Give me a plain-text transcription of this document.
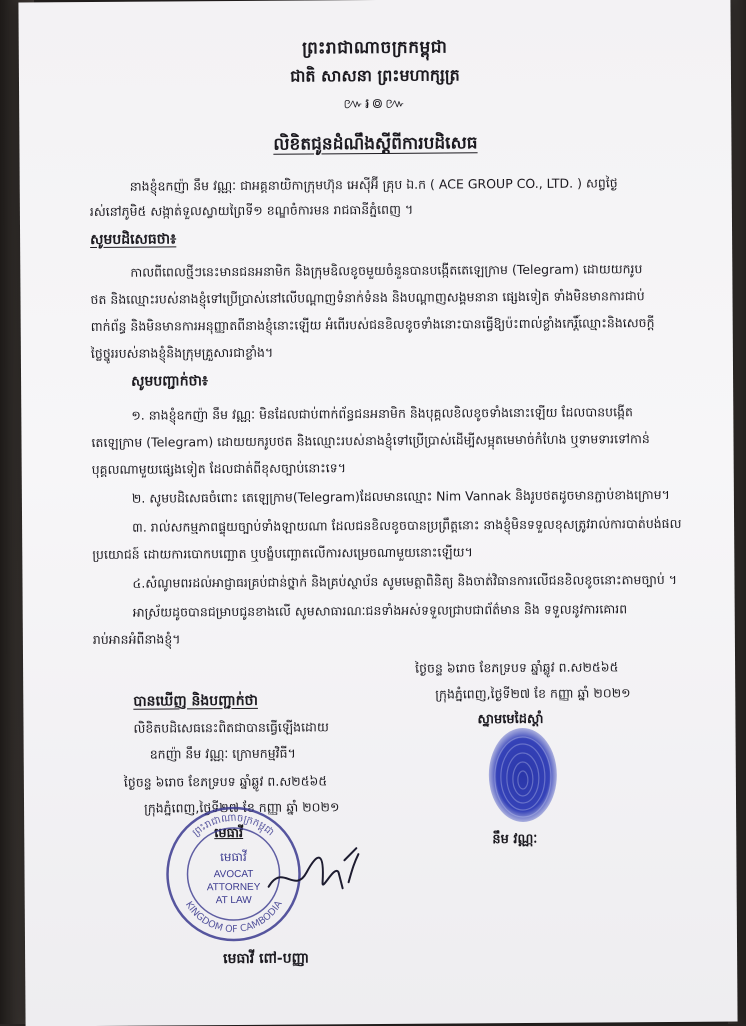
ព្រះរាជាណាចក្រកម្ពុជា
ជាតិ សាសនា ព្រះមហាក្សត្រ
៚៛៙៚
លិខិតជូនដំណឹងស្តីពីការបដិសេធ
នាងខ្ញុំឧកញ៉ា នឹម វណ្ណៈ ជាអគ្គនាយិកាក្រុមហ៊ុន អេស៊ីអ៊ី គ្រុប ឯ.ក ( ACE GROUP CO., LTD. ) សព្វថ្ងៃ
រស់នៅភូមិ៥ សង្កាត់ទួលស្វាយព្រៃទី១ ខណ្ឌចំការមន រាជធានីភ្នំពេញ ។
សូមបដិសេធថា៖
កាលពីពេលថ្មីៗនេះមានជនអនាមិក និងក្រុមឧិលខូចមួយចំនួនបានបង្កើតតេឡេក្រាម (Telegram) ដោយយករូប
ថត និងឈ្មោះរបស់នាងខ្ញុំទៅប្រើប្រាស់នៅលើបណ្តាញទំនាក់ទំនង និងបណ្តាញសង្គមនានា ផ្សេងទៀត ទាំងមិនមានការជាប់
ពាក់ព័ន្ធ និងមិនមានការអនុញ្ញាតពីនាងខ្ញុំនោះឡើយ អំពើរបស់ជនខិលខូចទាំងនោះបានធ្វើឱ្យប៉ះពាល់ខ្លាំងកេរ្តិ៍ឈ្មោះនិងសេចក្តី
ថ្លៃថ្នូររបស់នាងខ្ញុំនិងក្រុមគ្រួសារជាខ្លាំង។
សូមបញ្ជាក់ថា៖
១. នាងខ្ញុំឧកញ៉ា នឹម វណ្ណៈ មិនដែលជាប់ពាក់ព័ន្ធជនអនាមិក និងបុគ្គលខិលខូចទាំងនោះឡើយ ដែលបានបង្កើត
តេឡេក្រាម (Telegram) ដោយយករូបថត និងឈ្មោះរបស់នាងខ្ញុំទៅប្រើប្រាស់ដើម្បីសម្អុតមេមាច់កំហែង ឬទាមទារទៅកាន់
បុគ្គលណាមួយផ្សេងទៀត ដែលជាត់ពីខុសច្បាប់នោះទេ។
២. សូមបដិសេធចំពោះ តេឡេក្រាម(Telegram)ដែលមានឈ្មោះ Nim Vannak និងរូបថតដូចមានភ្ជាប់ខាងក្រោម។
៣. រាល់សកម្មភាពផ្ទុយច្បាប់ទាំងឡាយណា ដែលជនខិលខូចបានប្រព្រឹត្តនោះ នាងខ្ញុំមិនទទួលខុសត្រូវរាល់ការបាត់បង់ផល
ប្រយោជន៍ ដោយការបោកបញ្ឆោត ឬបង្ខំបញ្ឆោតលើការសម្រេចណាមួយនោះឡើយ។
៤.សំណូមពរដល់អាជ្ញាធរគ្រប់ជាន់ថ្នាក់ និងគ្រប់ស្ថាប័ន សូមមេត្តាពិនិត្យ និងចាត់វិធានការលើជនខិលខូចនោះតាមច្បាប់ ។
អាស្រ័យដូចបានជម្រាបជូនខាងលើ សូមសាធារណៈជនទាំងអស់ទទួលជ្រាបជាព័ត៌មាន និង ទទួលនូវការគោរព
រាប់អានអំពីនាងខ្ញុំ។
ថ្ងៃចន្ទ ៦រោច ខែភទ្របទ ឆ្នាំឆ្លូវ ព.ស២៥៦៥
ក្រុងភ្នំពេញ,ថ្ងៃទី២៧ ខែ កញ្ញា ឆ្នាំ ២០២១
ស្នាមមេដៃស្តាំ
នឹម វណ្ណៈ
បានឃើញ និងបញ្ជាក់ថា
លិខិតបដិសេធនេះពិតជាបានធ្វើឡើងដោយ
ឧកញ៉ា នឹម វណ្ណៈ ក្រោមកម្មវិធី។
ថ្ងៃចន្ទ ៦រោច ខែភទ្របទ ឆ្នាំឆ្លូវ ព.ស២៥៦៥
ក្រុងភ្នំពេញ,ថ្ងៃទី២៧ ខែ កញ្ញា ឆ្នាំ ២០២១
មេធាវី
ព្រះរាជាណាចក្រកម្ពុជា
KINGDOM OF CAMBODIA
មេធាវី
AVOCAT
ATTORNEY
AT LAW
មេធាវី ពៅ-បញ្ញា
